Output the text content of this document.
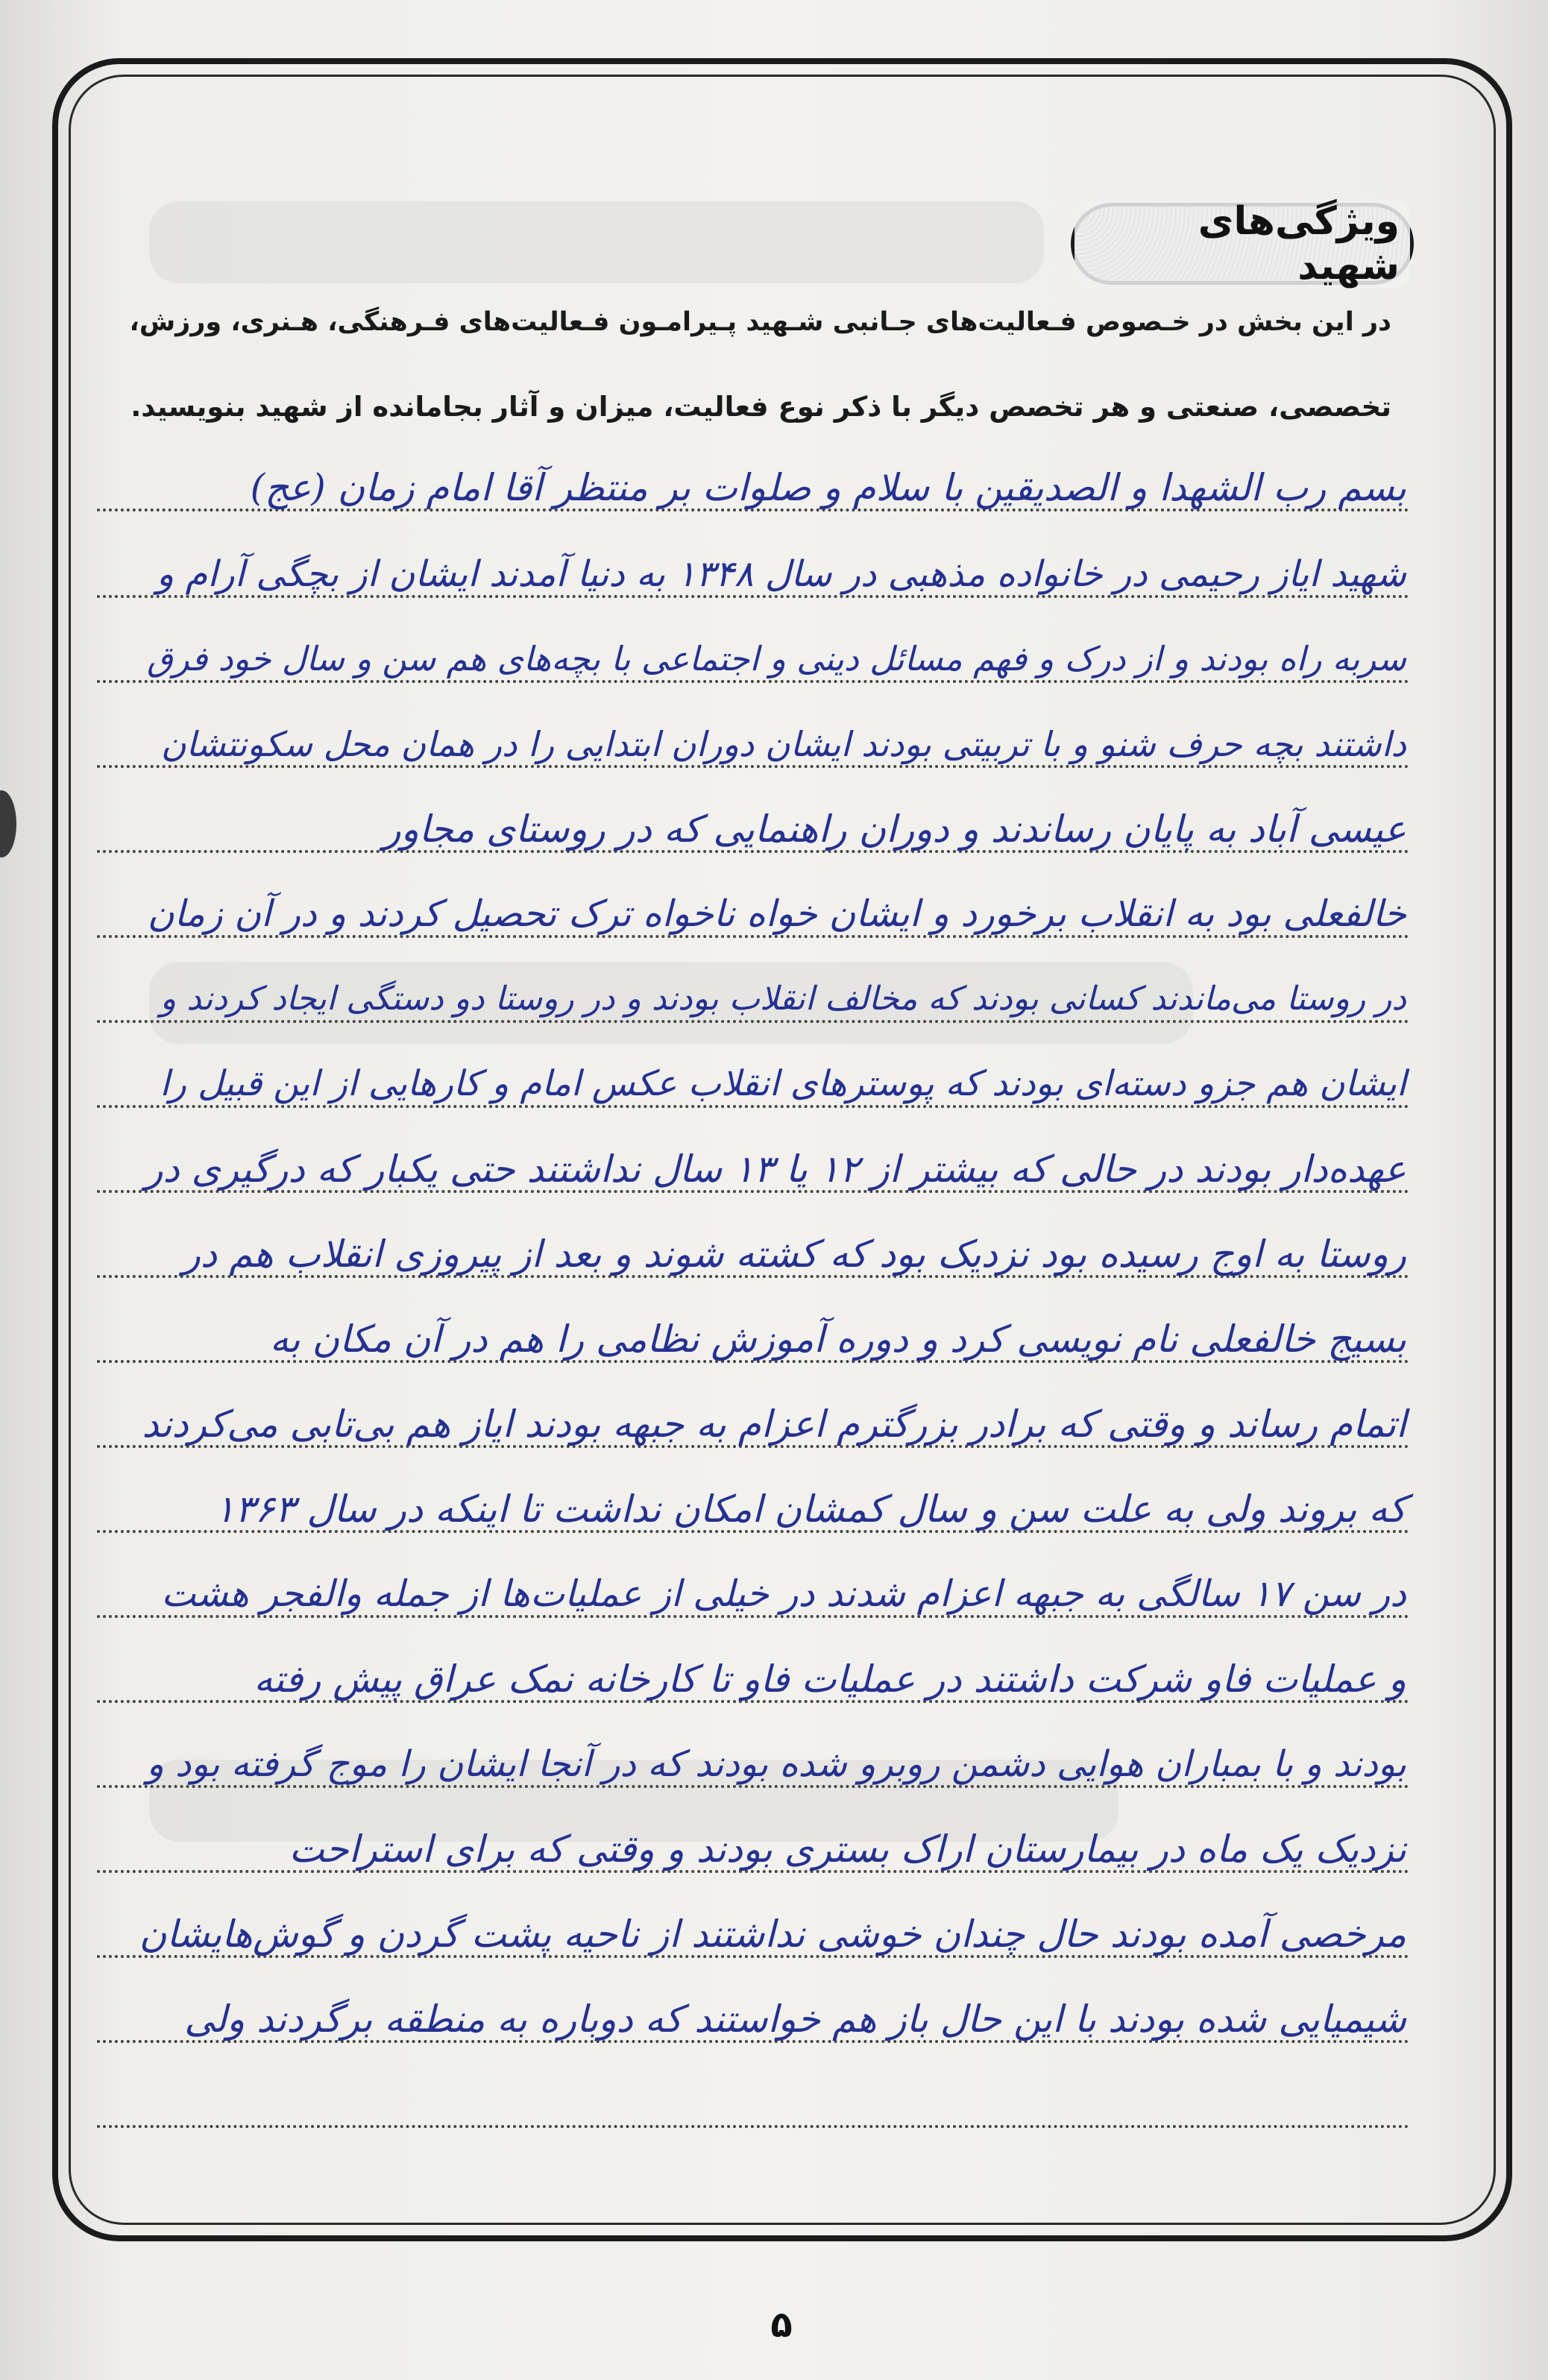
ویژگی‌های شهید
در این بخش در خـصوص فـعالیت‌های جـانبی شـهید پـیرامـون فـعالیت‌های فـرهنگی، هـنری، ورزش،
تخصصی، صنعتی و هر تخصص دیگر با ذکر نوع فعالیت، میزان و آثار بجامانده از شهید بنویسید.
بسم رب الشهدا و الصدیقین با سلام و صلوات بر منتظر آقا امام زمان (عج)
شهید ایاز رحیمی در خانواده مذهبی در سال ۱۳۴۸ به دنیا آمدند ایشان از بچگی آرام و
سربه راه بودند و از درک و فهم مسائل دینی و اجتماعی با بچه‌های هم سن و سال خود فرق
داشتند بچه حرف شنو و با تربیتی بودند ایشان دوران ابتدایی را در همان محل سکونتشان
عیسی آباد به پایان رساندند و دوران راهنمایی که در روستای مجاور
خالفعلی بود به انقلاب برخورد و ایشان خواه ناخواه ترک تحصیل کردند و در آن زمان
در روستا می‌ماندند کسانی بودند که مخالف انقلاب بودند و در روستا دو دستگی ایجاد کردند و
ایشان هم جزو دسته‌ای بودند که پوسترهای انقلاب عکس امام و کارهایی از این قبیل را
عهده‌دار بودند در حالی که بیشتر از ۱۲ یا ۱۳ سال نداشتند حتی یکبار که درگیری در
روستا به اوج رسیده بود نزدیک بود که کشته شوند و بعد از پیروزی انقلاب هم در
بسیج خالفعلی نام نویسی کرد و دوره آموزش نظامی را هم در آن مکان به
اتمام رساند و وقتی که برادر بزرگترم اعزام به جبهه بودند ایاز هم بی‌تابی می‌کردند
که بروند ولی به علت سن و سال کمشان امکان نداشت تا اینکه در سال ۱۳۶۳
در سن ۱۷ سالگی به جبهه اعزام شدند در خیلی از عملیات‌ها از جمله والفجر هشت
و عملیات فاو شرکت داشتند در عملیات فاو تا کارخانه نمک عراق پیش رفته
بودند و با بمباران هوایی دشمن روبرو شده بودند که در آنجا ایشان را موج گرفته بود و
نزدیک یک ماه در بیمارستان اراک بستری بودند و وقتی که برای استراحت
مرخصی آمده بودند حال چندان خوشی نداشتند از ناحیه پشت گردن و گوش‌هایشان
شیمیایی شده بودند با این حال باز هم خواستند که دوباره به منطقه برگردند ولی
۵
